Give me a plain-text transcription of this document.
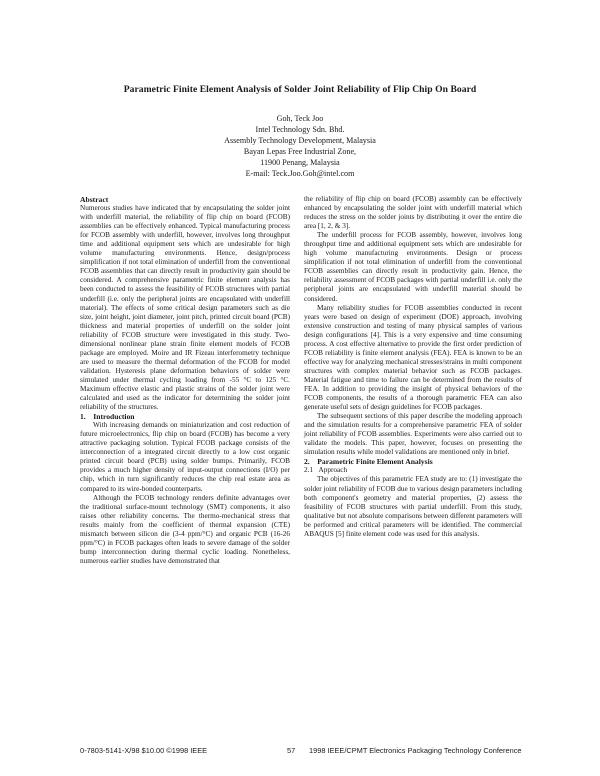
Parametric Finite Element Analysis of Solder Joint Reliability of Flip Chip On Board
Goh, Teck Joo
Intel Technology Sdn. Bhd.
Assembly Technology Development, Malaysia
Bayan Lepas Free Industrial Zone,
11900 Penang, Malaysia
E-mail: Teck.Joo.Goh@intel.com

Abstract

Numerous studies have indicated that by encapsulating the solder joint with underfill material, the reliability of flip chip on board (FCOB) assemblies can be effectively enhanced. Typical manufacturing process for FCOB assembly with underfill, however, involves long throughput time and additional equipment sets which are undesirable for high volume manufacturing environments. Hence, design/process simplification if not total elimination of underfill from the conventional FCOB assemblies that can directly result in productivity gain should be considered. A comprehensive parametric finite element analysis has been conducted to assess the feasibility of FCOB structures with partial underfill (i.e. only the peripheral joints are encapsulated with underfill material). The effects of some critical design parameters such as die size, joint height, joint diameter, joint pitch, printed circuit board (PCB) thickness and material properties of underfill on the solder joint reliability of FCOB structure were investigated in this study. Two-dimensional nonlinear plane strain finite element models of FCOB package are employed. Moire and IR Fizeau interferometry technique are used to measure the thermal deformation of the FCOB for model validation. Hysteresis plane deformation behaviors of solder were simulated under thermal cycling loading from -55 °C to 125 °C. Maximum effective elastic and plastic strains of the solder joint were calculated and used as the indicator for determining the solder joint reliability of the structures.

1.    Introduction

With increasing demands on miniaturization and cost reduction of future microelectronics, flip chip on board (FCOB) has become a very attractive packaging solution. Typical FCOB package consists of the interconnection of a integrated circuit directly to a low cost organic printed circuit board (PCB) using solder bumps. Primarily, FCOB provides a much higher density of input-output connections (I/O) per chip, which in turn significantly reduces the chip real estate area as compared to its wire-bonded counterparts.

Although the FCOB technology renders definite advantages over the traditional surface-mount technology (SMT) components, it also raises other reliability concerns. The thermo-mechanical stress that results mainly from the coefficient of thermal expansion (CTE) mismatch between silicon die (3-4 ppm/°C) and organic PCB (16-26 ppm/°C) in FCOB packages often leads to severe damage of the solder bump interconnection during thermal cyclic loading. Nonetheless, numerous earlier studies have demonstrated that

the reliability of flip chip on board (FCOB) assembly can be effectively enhanced by encapsulating the solder joint with underfill material which reduces the stress on the solder joints by distributing it over the entire die area [1, 2, & 3].

The underfill process for FCOB assembly, however, involves long throughput time and additional equipment sets which are undesirable for high volume manufacturing environments. Design or process simplification if not total elimination of underfill from the conventional FCOB assemblies can directly result in productivity gain. Hence, the reliability assessment of FCOB packages with partial underfill i.e. only the peripheral joints are encapsulated with underfill material should be considered.

Many reliability studies for FCOB assemblies conducted in recent years were based on design of experiment (DOE) approach, involving extensive construction and testing of many physical samples of various design configurations [4]. This is a very expensive and time consuming process. A cost effective alternative to provide the first order prediction of FCOB reliability is finite element analysis (FEA). FEA is known to be an effective way for analyzing mechanical stresses/strains in multi component structures with complex material behavior such as FCOB packages. Material fatigue and time to failure can be determined from the results of FEA. In addition to providing the insight of physical behaviors of the FCOB components, the results of a thorough parametric FEA can also generate useful sets of design guidelines for FCOB packages.

The subsequent sections of this paper describe the modeling approach and the simulation results for a comprehensive parametric FEA of solder joint reliability of FCOB assemblies. Experiments were also carried out to validate the models. This paper, however, focuses on presenting the simulation results while model validations are mentioned only in brief.

2.    Parametric Finite Element Analysis

2.1   Approach

The objectives of this parametric FEA study are to: (1) investigate the solder joint reliability of FCOB due to various design parameters including both component's geometry and material properties, (2) assess the feasibility of FCOB structures with partial underfill. From this study, qualitative but not absolute comparisons between different parameters will be performed and critical parameters will be identified. The commercial ABAQUS [5] finite element code was used for this analysis.

0-7803-5141-X/98 $10.00 ©1998 IEEE	57 1998 IEEE/CPMT Electronics Packaging Technology Conference
